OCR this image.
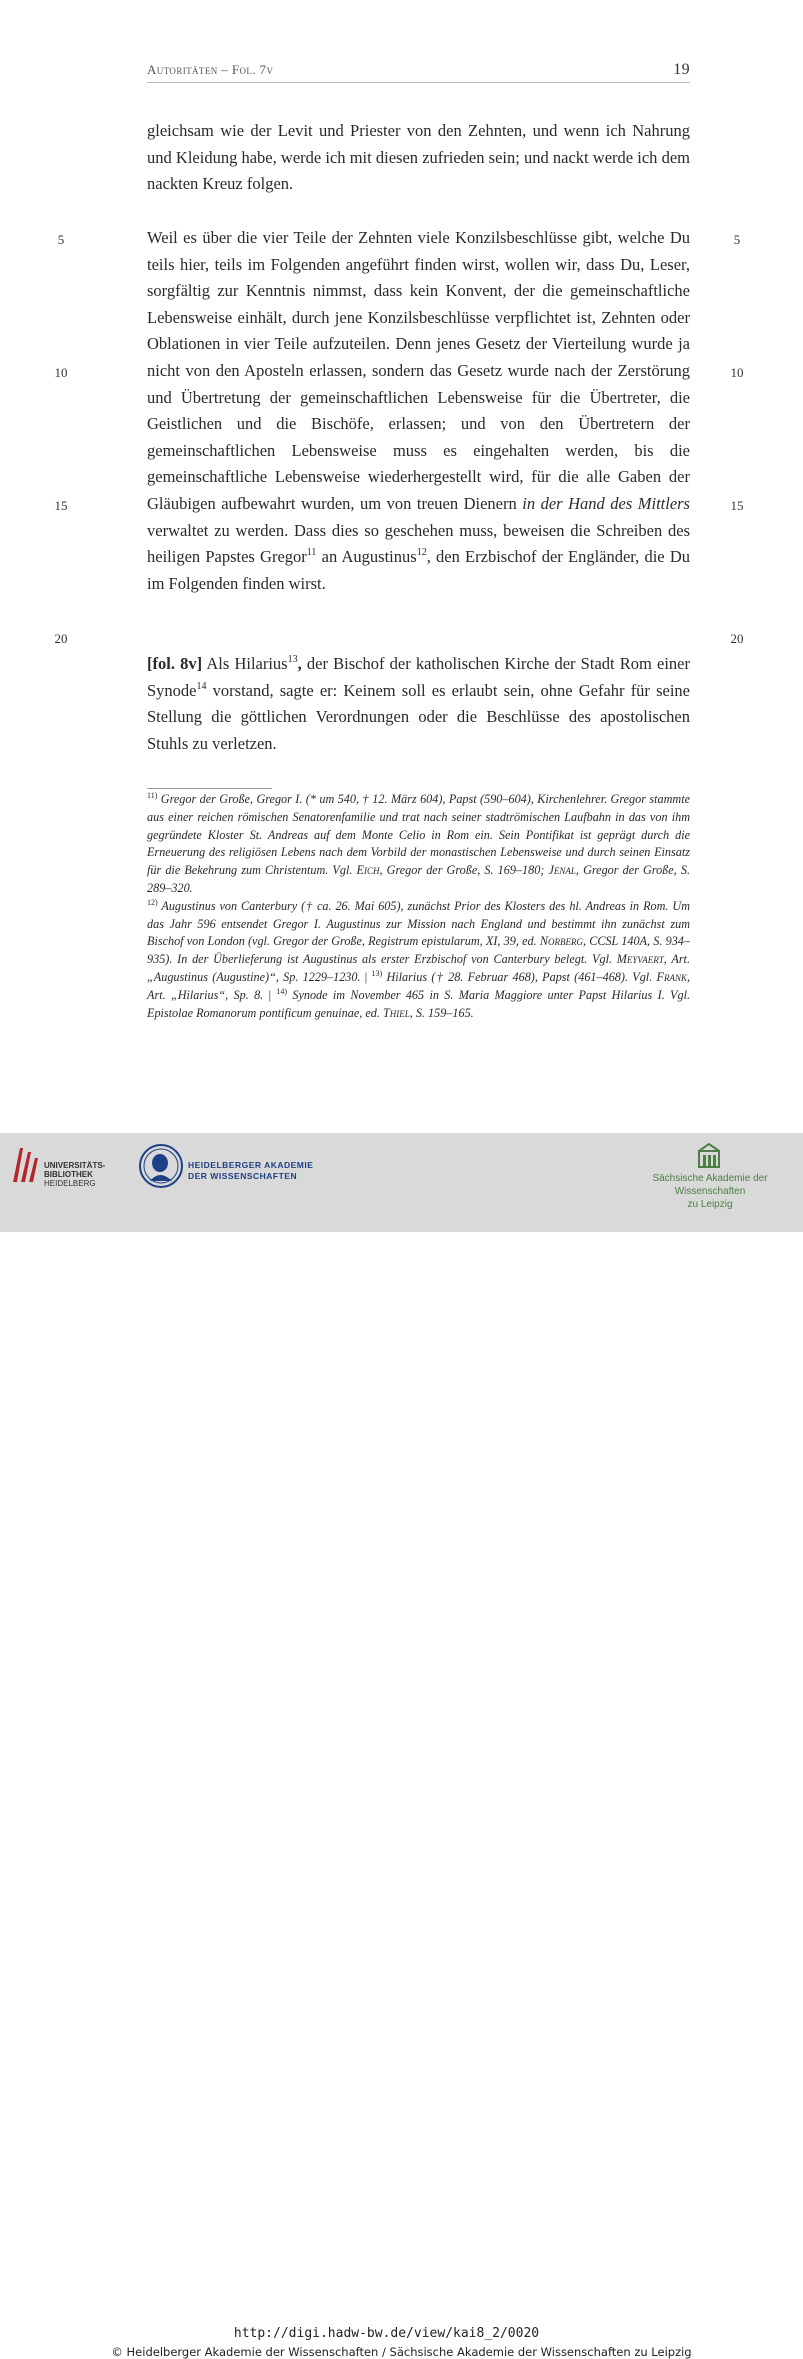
Autoritäten – Fol. 7v	19

gleichsam wie der Levit und Priester von den Zehnten, und wenn ich Nahrung und Kleidung habe, werde ich mit diesen zufrieden sein; und nackt werde ich dem nackten Kreuz folgen.

Weil es über die vier Teile der Zehnten viele Konzilsbeschlüsse gibt, welche Du teils hier, teils im Folgenden angeführt finden wirst, wollen wir, dass Du, Leser, sorgfältig zur Kenntnis nimmst, dass kein Konvent, der die gemeinschaftliche Lebensweise einhält, durch jene Konzilsbeschlüsse verpflichtet ist, Zehnten oder Oblationen in vier Teile aufzuteilen. Denn jenes Gesetz der Vierteilung wurde ja nicht von den Aposteln erlassen, sondern das Gesetz wurde nach der Zerstörung und Übertretung der gemeinschaftlichen Lebensweise für die Übertreter, die Geistlichen und die Bischöfe, erlassen; und von den Übertretern der gemeinschaftlichen Lebensweise muss es eingehalten werden, bis die gemeinschaftliche Lebensweise wiederhergestellt wird, für die alle Gaben der Gläubigen aufbewahrt wurden, um von treuen Dienern in der Hand des Mittlers verwaltet zu werden. Dass dies so geschehen muss, beweisen die Schreiben des heiligen Papstes Gregor$^{11}$ an Augustinus$^{12}$, den Erzbischof der Engländer, die Du im Folgenden finden wirst.

[fol. 8v] Als Hilarius$^{13}$, der Bischof der katholischen Kirche der Stadt Rom einer Synode$^{14}$ vorstand, sagte er: Keinem soll es erlaubt sein, ohne Gefahr für seine Stellung die göttlichen Verordnungen oder die Beschlüsse des apostolischen Stuhls zu verletzen.

5	5
10	10
15	15
20	20

$^{11)}$ Gregor der Große, Gregor I. (* um 540, † 12. März 604), Papst (590–604), Kirchenlehrer. Gregor stammte aus einer reichen römischen Senatorenfamilie und trat nach seiner stadtrömischen Laufbahn in das von ihm gegründete Kloster St. Andreas auf dem Monte Celio in Rom ein. Sein Pontifikat ist geprägt durch die Erneuerung des religiösen Lebens nach dem Vorbild der monastischen Lebensweise und durch seinen Einsatz für die Bekehrung zum Christentum. Vgl. Eich, Gregor der Große, S. 169–180; Jenal, Gregor der Große, S. 289–320.
$^{12)}$ Augustinus von Canterbury († ca. 26. Mai 605), zunächst Prior des Klosters des hl. Andreas in Rom. Um das Jahr 596 entsendet Gregor I. Augustinus zur Mission nach England und bestimmt ihn zunächst zum Bischof von London (vgl. Gregor der Große, Registrum epistularum, XI, 39, ed. Norberg, CCSL 140A, S. 934–935). In der Überlieferung ist Augustinus als erster Erzbischof von Canterbury belegt. Vgl. Meyvaert, Art. „Augustinus (Augustine)“, Sp. 1229–1230. | $^{13)}$ Hilarius († 28. Februar 468), Papst (461–468). Vgl. Frank, Art. „Hilarius“, Sp. 8. | $^{14)}$ Synode im November 465 in S. Maria Maggiore unter Papst Hilarius I. Vgl. Epistolae Romanorum pontificum genuinae, ed. Thiel, S. 159–165.

UNIVERSITÄTS-
BIBLIOTHEK
HEIDELBERG
HEIDELBERGER AKADEMIE
DER WISSENSCHAFTEN	Sächsische Akademie der Wissenschaften
zu Leipzig
http://digi.hadw-bw.de/view/kai8_2/0020
© Heidelberger Akademie der Wissenschaften / Sächsische Akademie der Wissenschaften zu Leipzig
